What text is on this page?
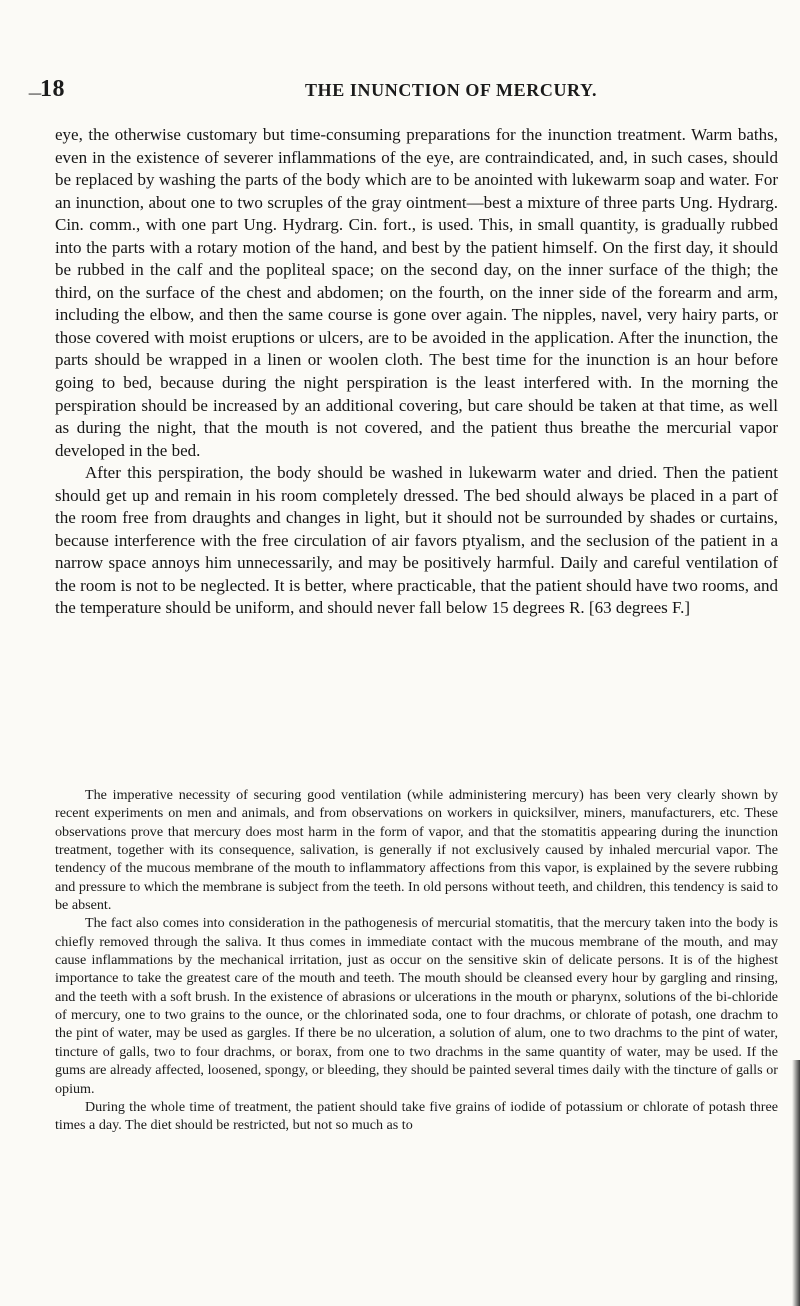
—
18	THE INUNCTION OF MERCURY.

eye, the otherwise customary but time-consuming preparations for the inunction treatment. Warm baths, even in the existence of severer inflammations of the eye, are contraindicated, and, in such cases, should be replaced by washing the parts of the body which are to be anointed with lukewarm soap and water. For an inunction, about one to two scruples of the gray ointment—best a mixture of three parts Ung. Hydrarg. Cin. comm., with one part Ung. Hydrarg. Cin. fort., is used. This, in small quantity, is gradually rubbed into the parts with a rotary motion of the hand, and best by the patient himself. On the first day, it should be rubbed in the calf and the popliteal space; on the second day, on the inner surface of the thigh; the third, on the surface of the chest and abdomen; on the fourth, on the inner side of the forearm and arm, including the elbow, and then the same course is gone over again. The nipples, navel, very hairy parts, or those covered with moist eruptions or ulcers, are to be avoided in the application. After the inunction, the parts should be wrapped in a linen or woolen cloth. The best time for the inunction is an hour before going to bed, because during the night perspiration is the least interfered with. In the morning the perspiration should be increased by an additional covering, but care should be taken at that time, as well as during the night, that the mouth is not covered, and the patient thus breathe the mercurial vapor developed in the bed.

After this perspiration, the body should be washed in lukewarm water and dried. Then the patient should get up and remain in his room completely dressed. The bed should always be placed in a part of the room free from draughts and changes in light, but it should not be surrounded by shades or curtains, because interference with the free circulation of air favors ptyalism, and the seclusion of the patient in a narrow space annoys him unnecessarily, and may be positively harmful. Daily and careful ventilation of the room is not to be neglected. It is better, where practicable, that the patient should have two rooms, and the temperature should be uniform, and should never fall below 15 degrees R. [63 degrees F.]

The imperative necessity of securing good ventilation (while administering mercury) has been very clearly shown by recent experiments on men and animals, and from observations on workers in quicksilver, miners, manufacturers, etc. These observations prove that mercury does most harm in the form of vapor, and that the stomatitis appearing during the inunction treatment, together with its consequence, salivation, is generally if not exclusively caused by inhaled mercurial vapor. The tendency of the mucous membrane of the mouth to inflammatory affections from this vapor, is explained by the severe rubbing and pressure to which the membrane is subject from the teeth. In old persons without teeth, and children, this tendency is said to be absent.

The fact also comes into consideration in the pathogenesis of mercurial stomatitis, that the mercury taken into the body is chiefly removed through the saliva. It thus comes in immediate contact with the mucous membrane of the mouth, and may cause inflammations by the mechanical irritation, just as occur on the sensitive skin of delicate persons. It is of the highest importance to take the greatest care of the mouth and teeth. The mouth should be cleansed every hour by gargling and rinsing, and the teeth with a soft brush. In the existence of abrasions or ulcerations in the mouth or pharynx, solutions of the bi-chloride of mercury, one to two grains to the ounce, or the chlorinated soda, one to four drachms, or chlorate of potash, one drachm to the pint of water, may be used as gargles. If there be no ulceration, a solution of alum, one to two drachms to the pint of water, tincture of galls, two to four drachms, or borax, from one to two drachms in the same quantity of water, may be used. If the gums are already affected, loosened, spongy, or bleeding, they should be painted several times daily with the tincture of galls or opium.

During the whole time of treatment, the patient should take five grains of iodide of potassium or chlorate of potash three times a day. The diet should be restricted, but not so much as to
